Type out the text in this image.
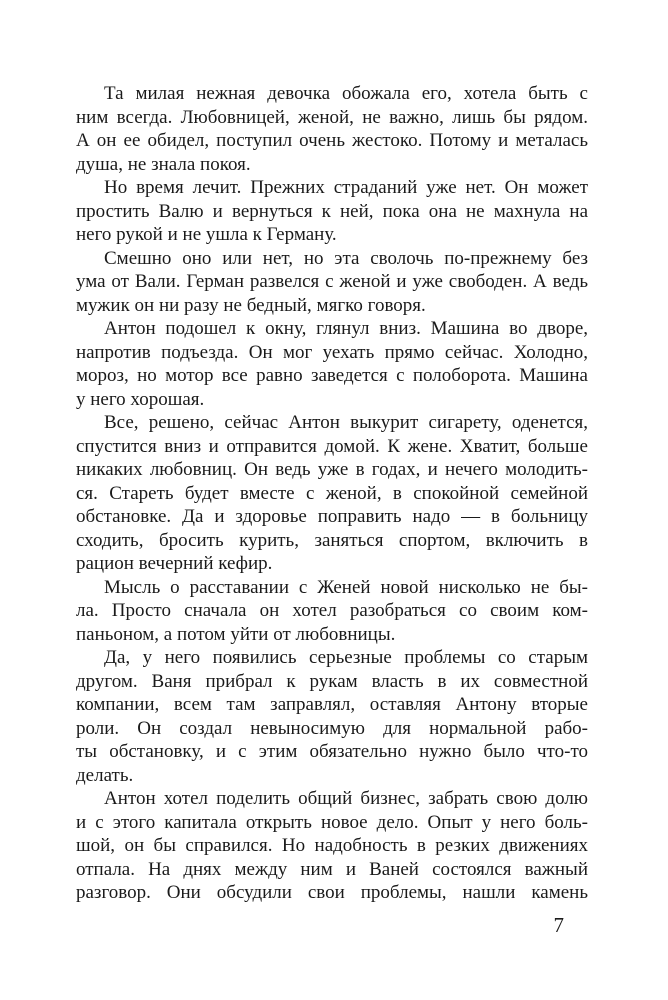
Та милая нежная девочка обожала его, хотела быть с
ним всегда. Любовницей, женой, не важно, лишь бы рядом.
А он ее обидел, поступил очень жестоко. Потому и металась
душа, не знала покоя.
Но время лечит. Прежних страданий уже нет. Он может
простить Валю и вернуться к ней, пока она не махнула на
него рукой и не ушла к Герману.
Смешно оно или нет, но эта сволочь по-прежнему без
ума от Вали. Герман развелся с женой и уже свободен. А ведь
мужик он ни разу не бедный, мягко говоря.
Антон подошел к окну, глянул вниз. Машина во дворе,
напротив подъезда. Он мог уехать прямо сейчас. Холодно,
мороз, но мотор все равно заведется с полоборота. Машина
у него хорошая.
Все, решено, сейчас Антон выкурит сигарету, оденется,
спустится вниз и отправится домой. К жене. Хватит, больше
никаких любовниц. Он ведь уже в годах, и нечего молодить-
ся. Стареть будет вместе с женой, в спокойной семейной
обстановке. Да и здоровье поправить надо — в больницу
сходить, бросить курить, заняться спортом, включить в
рацион вечерний кефир.
Мысль о расставании с Женей новой нисколько не бы-
ла. Просто сначала он хотел разобраться со своим ком-
паньоном, а потом уйти от любовницы.
Да, у него появились серьезные проблемы со старым
другом. Ваня прибрал к рукам власть в их совместной
компании, всем там заправлял, оставляя Антону вторые
роли. Он создал невыносимую для нормальной рабо-
ты обстановку, и с этим обязательно нужно было что-то
делать.
Антон хотел поделить общий бизнес, забрать свою долю
и с этого капитала открыть новое дело. Опыт у него боль-
шой, он бы справился. Но надобность в резких движениях
отпала. На днях между ним и Ваней состоялся важный
разговор. Они обсудили свои проблемы, нашли камень
7
